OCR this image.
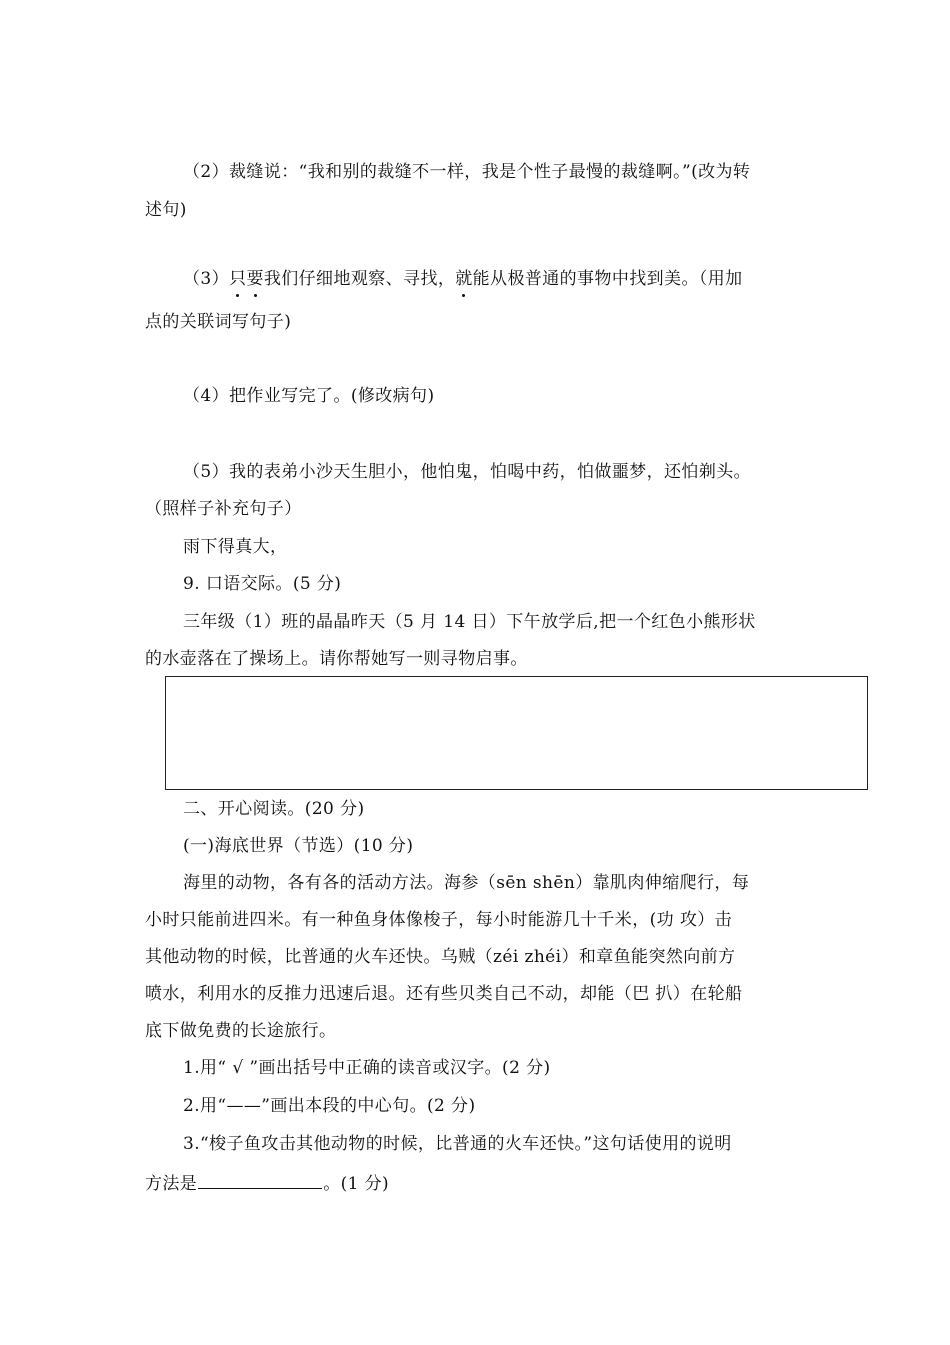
（2）裁缝说：“我和别的裁缝不一样，我是个性子最慢的裁缝啊。”(改为转
述句)
（3）只要我们仔细地观察、寻找，就能从极普通的事物中找到美。（用加
点的关联词写句子)
（4）把作业写完了。(修改病句)
（5）我的表弟小沙天生胆小，他怕鬼，怕喝中药，怕做噩梦，还怕剃头。
（照样子补充句子）
雨下得真大，
9. 口语交际。(5 分)
三年级（1）班的晶晶昨天（5 月 14 日）下午放学后,把一个红色小熊形状
的水壶落在了操场上。请你帮她写一则寻物启事。
二、开心阅读。(20 分)
(一)海底世界（节选）(10 分)
海里的动物，各有各的活动方法。海参（sēn shēn）靠肌肉伸缩爬行，每
小时只能前进四米。有一种鱼身体像梭子，每小时能游几十千米，(功 攻）击
其他动物的时候，比普通的火车还快。乌贼（zéi zhéi）和章鱼能突然向前方
喷水，利用水的反推力迅速后退。还有些贝类自己不动，却能（巴 扒）在轮船
底下做免费的长途旅行。
1.用“ √ ”画出括号中正确的读音或汉字。(2 分)
2.用“——”画出本段的中心句。(2 分)
3.“梭子鱼攻击其他动物的时候，比普通的火车还快。”这句话使用的说明
方法是	。(1 分)
